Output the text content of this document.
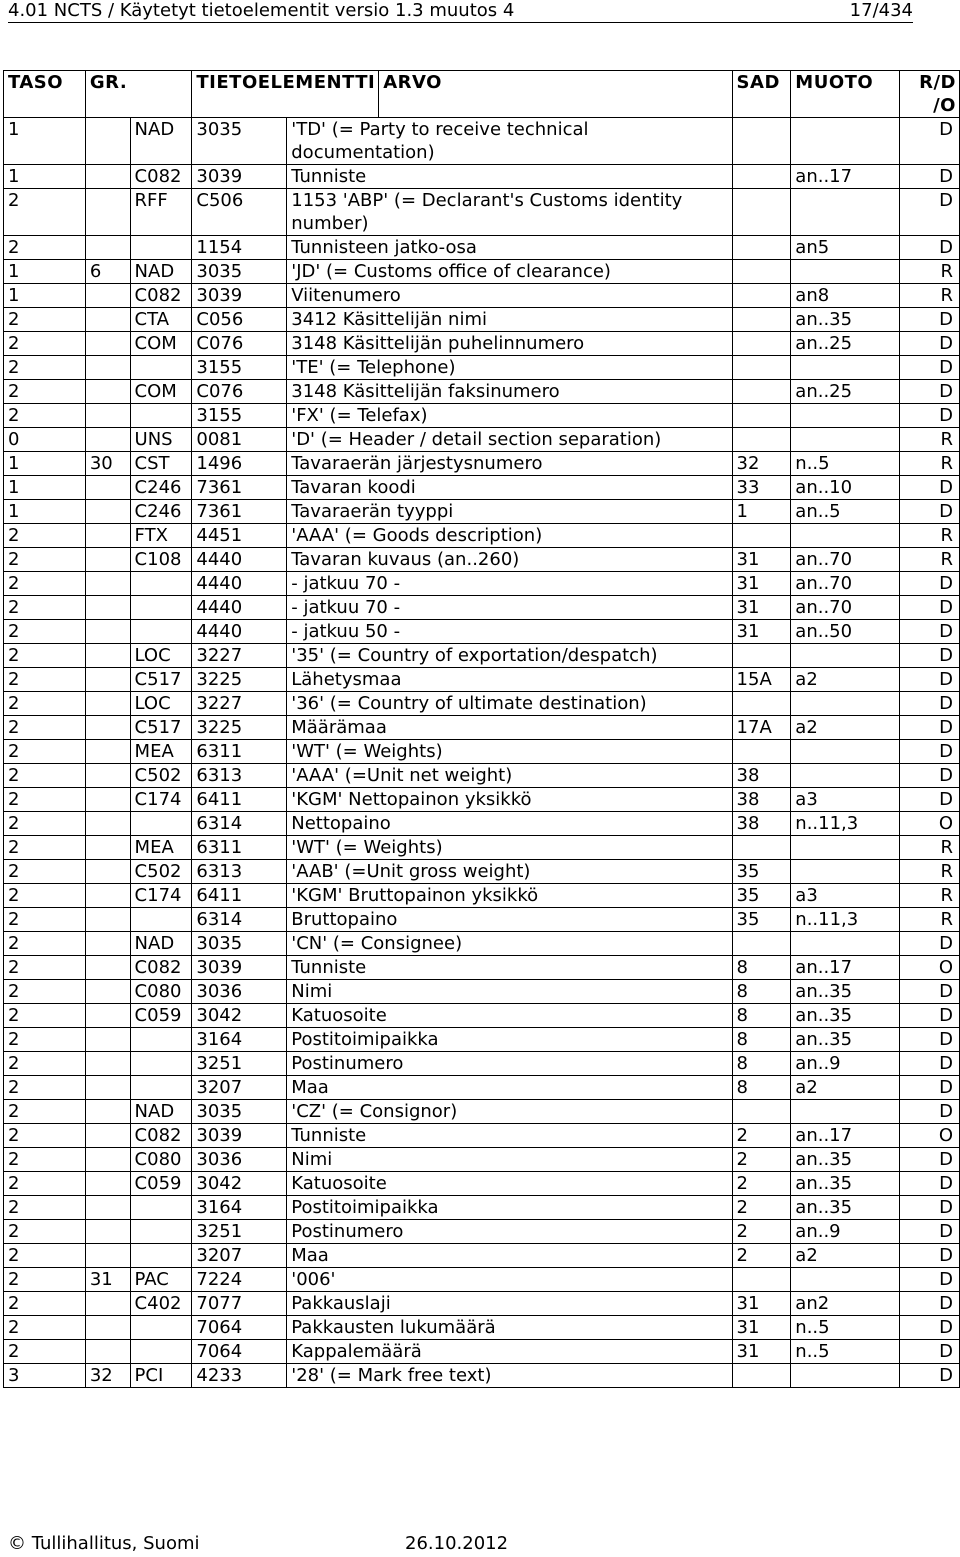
4.01 NCTS / Käytetyt tietoelementit versio 1.3 muutos 4	17/434
TASO	GR.		TIETOELEMENTTI		ARVO	SAD	MUOTO	R/D /O
1		NAD	3035	'TD' (= Party to receive technical documentation)				D
1		C082	3039	Tunniste			an..17	D
2		RFF	C506	1153 'ABP' (= Declarant's Customs identity number)				D
2			1154	Tunnisteen jatko-osa			an5	D
1	6	NAD	3035	'JD' (= Customs office of clearance)				R
1		C082	3039	Viitenumero			an8	R
2		CTA	C056	3412 Käsittelijän nimi			an..35	D
2		COM	C076	3148 Käsittelijän puhelinnumero			an..25	D
2			3155	'TE' (= Telephone)				D
2		COM	C076	3148 Käsittelijän faksinumero			an..25	D
2			3155	'FX' (= Telefax)				D
0		UNS	0081	'D' (= Header / detail section separation)				R
1	30	CST	1496	Tavaraerän järjestysnumero		32	n..5	R
1		C246	7361	Tavaran koodi		33	an..10	D
1		C246	7361	Tavaraerän tyyppi		1	an..5	D
2		FTX	4451	'AAA' (= Goods description)				R
2		C108	4440	Tavaran kuvaus (an..260)		31	an..70	R
2			4440	- jatkuu 70 -		31	an..70	D
2			4440	- jatkuu 70 -		31	an..70	D
2			4440	- jatkuu 50 -		31	an..50	D
2		LOC	3227	'35' (= Country of exportation/despatch)				D
2		C517	3225	Lähetysmaa		15A	a2	D
2		LOC	3227	'36' (= Country of ultimate destination)				D
2		C517	3225	Määrämaa		17A	a2	D
2		MEA	6311	'WT' (= Weights)				D
2		C502	6313	'AAA' (=Unit net weight)		38		D
2		C174	6411	'KGM' Nettopainon yksikkö		38	a3	D
2			6314	Nettopaino		38	n..11,3	O
2		MEA	6311	'WT' (= Weights)				R
2		C502	6313	'AAB' (=Unit gross weight)		35		R
2		C174	6411	'KGM' Bruttopainon yksikkö		35	a3	R
2			6314	Bruttopaino		35	n..11,3	R
2		NAD	3035	'CN' (= Consignee)				D
2		C082	3039	Tunniste		8	an..17	O
2		C080	3036	Nimi		8	an..35	D
2		C059	3042	Katuosoite		8	an..35	D
2			3164	Postitoimipaikka		8	an..35	D
2			3251	Postinumero		8	an..9	D
2			3207	Maa		8	a2	D
2		NAD	3035	'CZ' (= Consignor)				D
2		C082	3039	Tunniste		2	an..17	O
2		C080	3036	Nimi		2	an..35	D
2		C059	3042	Katuosoite		2	an..35	D
2			3164	Postitoimipaikka		2	an..35	D
2			3251	Postinumero		2	an..9	D
2			3207	Maa		2	a2	D
2	31	PAC	7224	'006'				D
2		C402	7077	Pakkauslaji		31	an2	D
2			7064	Pakkausten lukumäärä		31	n..5	D
2			7064	Kappalemäärä		31	n..5	D
3	32	PCI	4233	'28' (= Mark free text)				D
© Tullihallitus, Suomi	26.10.2012
